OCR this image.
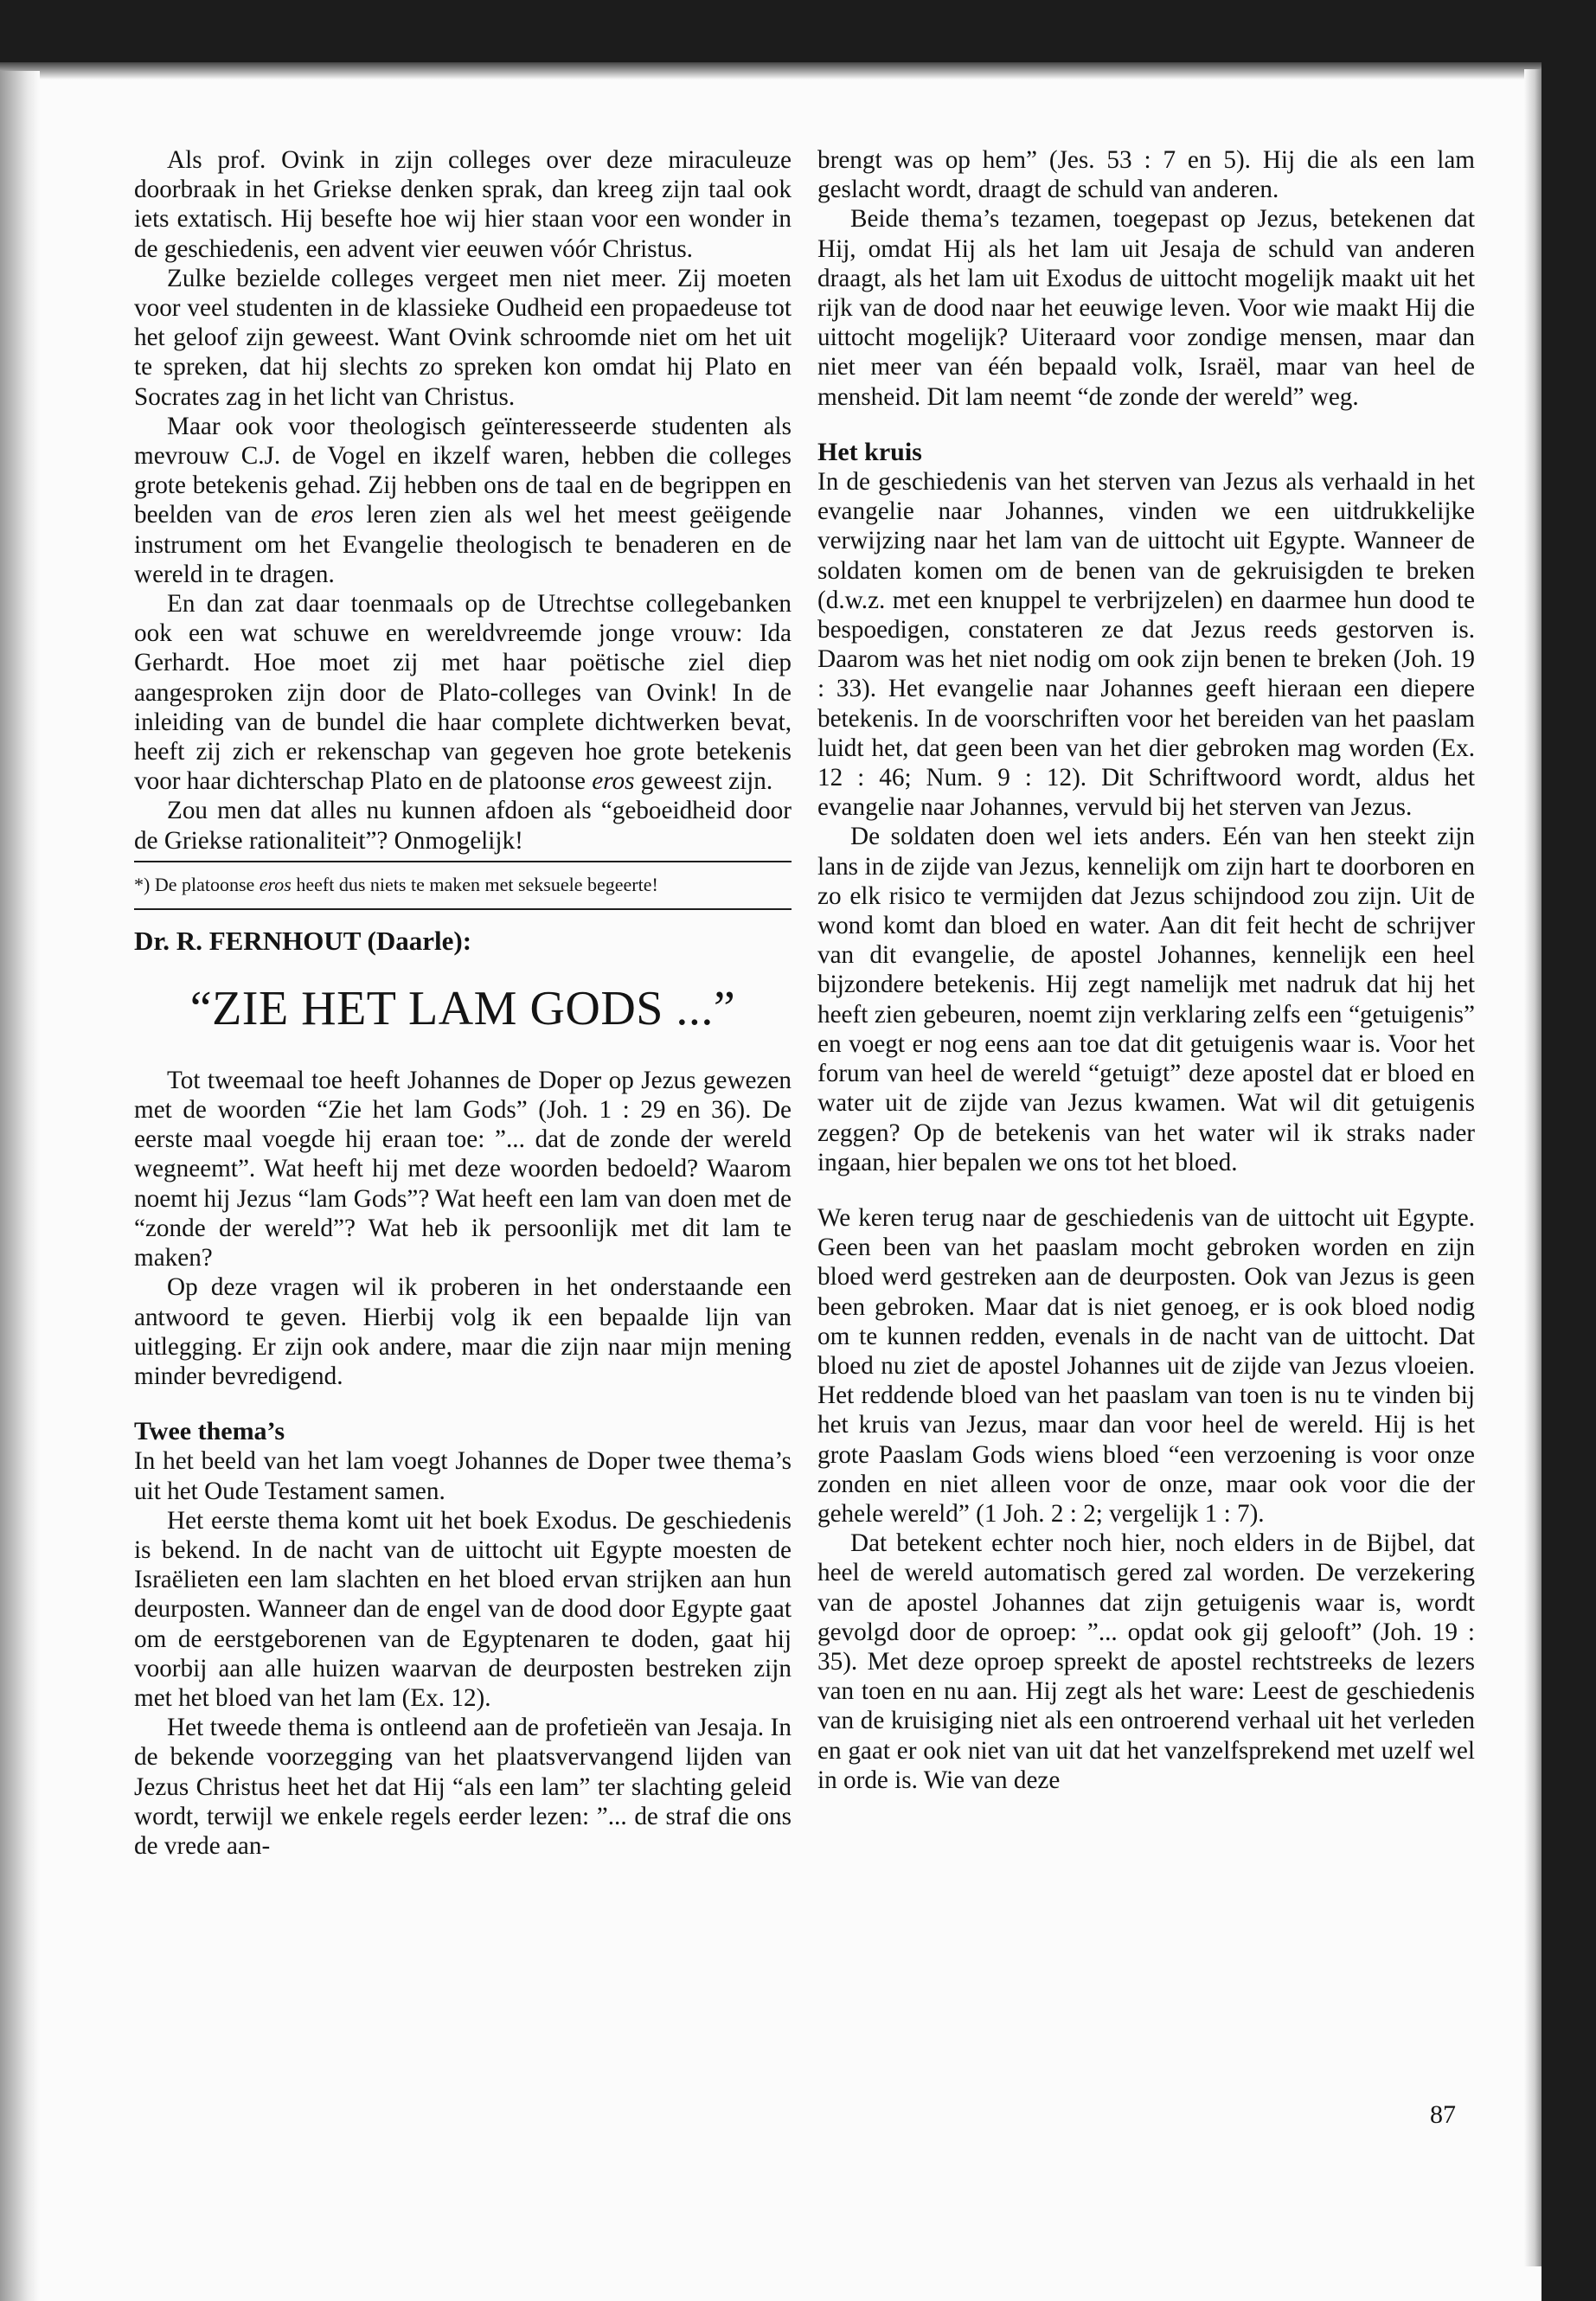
Als prof. Ovink in zijn colleges over deze miraculeuze doorbraak in het Griekse denken sprak, dan kreeg zijn taal ook iets extatisch. Hij besefte hoe wij hier staan voor een wonder in de geschiedenis, een advent vier eeuwen vóór Christus.

Zulke bezielde colleges vergeet men niet meer. Zij moeten voor veel studenten in de klassieke Oudheid een propaedeuse tot het geloof zijn geweest. Want Ovink schroomde niet om het uit te spreken, dat hij slechts zo spreken kon omdat hij Plato en Socrates zag in het licht van Christus.

Maar ook voor theologisch geïnteresseerde studenten als mevrouw C.J. de Vogel en ikzelf waren, hebben die colleges grote betekenis gehad. Zij hebben ons de taal en de begrippen en beelden van de eros leren zien als wel het meest geëigende instrument om het Evangelie theologisch te benaderen en de wereld in te dragen.

En dan zat daar toenmaals op de Utrechtse collegebanken ook een wat schuwe en wereldvreemde jonge vrouw: Ida Gerhardt. Hoe moet zij met haar poëtische ziel diep aangesproken zijn door de Plato-colleges van Ovink! In de inleiding van de bundel die haar complete dichtwerken bevat, heeft zij zich er rekenschap van gegeven hoe grote betekenis voor haar dichterschap Plato en de platoonse eros geweest zijn.

Zou men dat alles nu kunnen afdoen als “geboeidheid door de Griekse rationaliteit”? Onmogelijk!

*) De platoonse eros heeft dus niets te maken met seksuele begeerte!

Dr. R. FERNHOUT (Daarle):

“ZIE HET LAM GODS ...”

Tot tweemaal toe heeft Johannes de Doper op Jezus gewezen met de woorden “Zie het lam Gods” (Joh. 1 : 29 en 36). De eerste maal voegde hij eraan toe: ”... dat de zonde der wereld wegneemt”. Wat heeft hij met deze woorden bedoeld? Waarom noemt hij Jezus “lam Gods”? Wat heeft een lam van doen met de “zonde der wereld”? Wat heb ik persoonlijk met dit lam te maken?

Op deze vragen wil ik proberen in het onderstaande een antwoord te geven. Hierbij volg ik een bepaalde lijn van uitlegging. Er zijn ook andere, maar die zijn naar mijn mening minder bevredigend.

Twee thema’s

In het beeld van het lam voegt Johannes de Doper twee thema’s uit het Oude Testament samen.

Het eerste thema komt uit het boek Exodus. De geschiedenis is bekend. In de nacht van de uittocht uit Egypte moesten de Israëlieten een lam slachten en het bloed ervan strijken aan hun deurposten. Wanneer dan de engel van de dood door Egypte gaat om de eerstgeborenen van de Egyptenaren te doden, gaat hij voorbij aan alle huizen waarvan de deurposten bestreken zijn met het bloed van het lam (Ex. 12).

Het tweede thema is ontleend aan de profetieën van Jesaja. In de bekende voorzegging van het plaatsvervangend lijden van Jezus Christus heet het dat Hij “als een lam” ter slachting geleid wordt, terwijl we enkele regels eerder lezen: ”... de straf die ons de vrede aan-

brengt was op hem” (Jes. 53 : 7 en 5). Hij die als een lam geslacht wordt, draagt de schuld van anderen.

Beide thema’s tezamen, toegepast op Jezus, betekenen dat Hij, omdat Hij als het lam uit Jesaja de schuld van anderen draagt, als het lam uit Exodus de uittocht mogelijk maakt uit het rijk van de dood naar het eeuwige leven. Voor wie maakt Hij die uittocht mogelijk? Uiteraard voor zondige mensen, maar dan niet meer van één bepaald volk, Israël, maar van heel de mensheid. Dit lam neemt “de zonde der wereld” weg.

Het kruis

In de geschiedenis van het sterven van Jezus als verhaald in het evangelie naar Johannes, vinden we een uitdrukkelijke verwijzing naar het lam van de uittocht uit Egypte. Wanneer de soldaten komen om de benen van de gekruisigden te breken (d.w.z. met een knuppel te verbrijzelen) en daarmee hun dood te bespoedigen, constateren ze dat Jezus reeds gestorven is. Daarom was het niet nodig om ook zijn benen te breken (Joh. 19 : 33). Het evangelie naar Johannes geeft hieraan een diepere betekenis. In de voorschriften voor het bereiden van het paaslam luidt het, dat geen been van het dier gebroken mag worden (Ex. 12 : 46; Num. 9 : 12). Dit Schriftwoord wordt, aldus het evangelie naar Johannes, vervuld bij het sterven van Jezus.

De soldaten doen wel iets anders. Eén van hen steekt zijn lans in de zijde van Jezus, kennelijk om zijn hart te doorboren en zo elk risico te vermijden dat Jezus schijndood zou zijn. Uit de wond komt dan bloed en water. Aan dit feit hecht de schrijver van dit evangelie, de apostel Johannes, kennelijk een heel bijzondere betekenis. Hij zegt namelijk met nadruk dat hij het heeft zien gebeuren, noemt zijn verklaring zelfs een “getuigenis” en voegt er nog eens aan toe dat dit getuigenis waar is. Voor het forum van heel de wereld “getuigt” deze apostel dat er bloed en water uit de zijde van Jezus kwamen. Wat wil dit getuigenis zeggen? Op de betekenis van het water wil ik straks nader ingaan, hier bepalen we ons tot het bloed.

We keren terug naar de geschiedenis van de uittocht uit Egypte. Geen been van het paaslam mocht gebroken worden en zijn bloed werd gestreken aan de deurposten. Ook van Jezus is geen been gebroken. Maar dat is niet genoeg, er is ook bloed nodig om te kunnen redden, evenals in de nacht van de uittocht. Dat bloed nu ziet de apostel Johannes uit de zijde van Jezus vloeien. Het reddende bloed van het paaslam van toen is nu te vinden bij het kruis van Jezus, maar dan voor heel de wereld. Hij is het grote Paaslam Gods wiens bloed “een verzoening is voor onze zonden en niet alleen voor de onze, maar ook voor die der gehele wereld” (1 Joh. 2 : 2; vergelijk 1 : 7).

Dat betekent echter noch hier, noch elders in de Bijbel, dat heel de wereld automatisch gered zal worden. De verzekering van de apostel Johannes dat zijn getuigenis waar is, wordt gevolgd door de oproep: ”... opdat ook gij gelooft” (Joh. 19 : 35). Met deze oproep spreekt de apostel rechtstreeks de lezers van toen en nu aan. Hij zegt als het ware: Leest de geschiedenis van de kruisiging niet als een ontroerend verhaal uit het verleden en gaat er ook niet van uit dat het vanzelfsprekend met uzelf wel in orde is. Wie van deze

87
